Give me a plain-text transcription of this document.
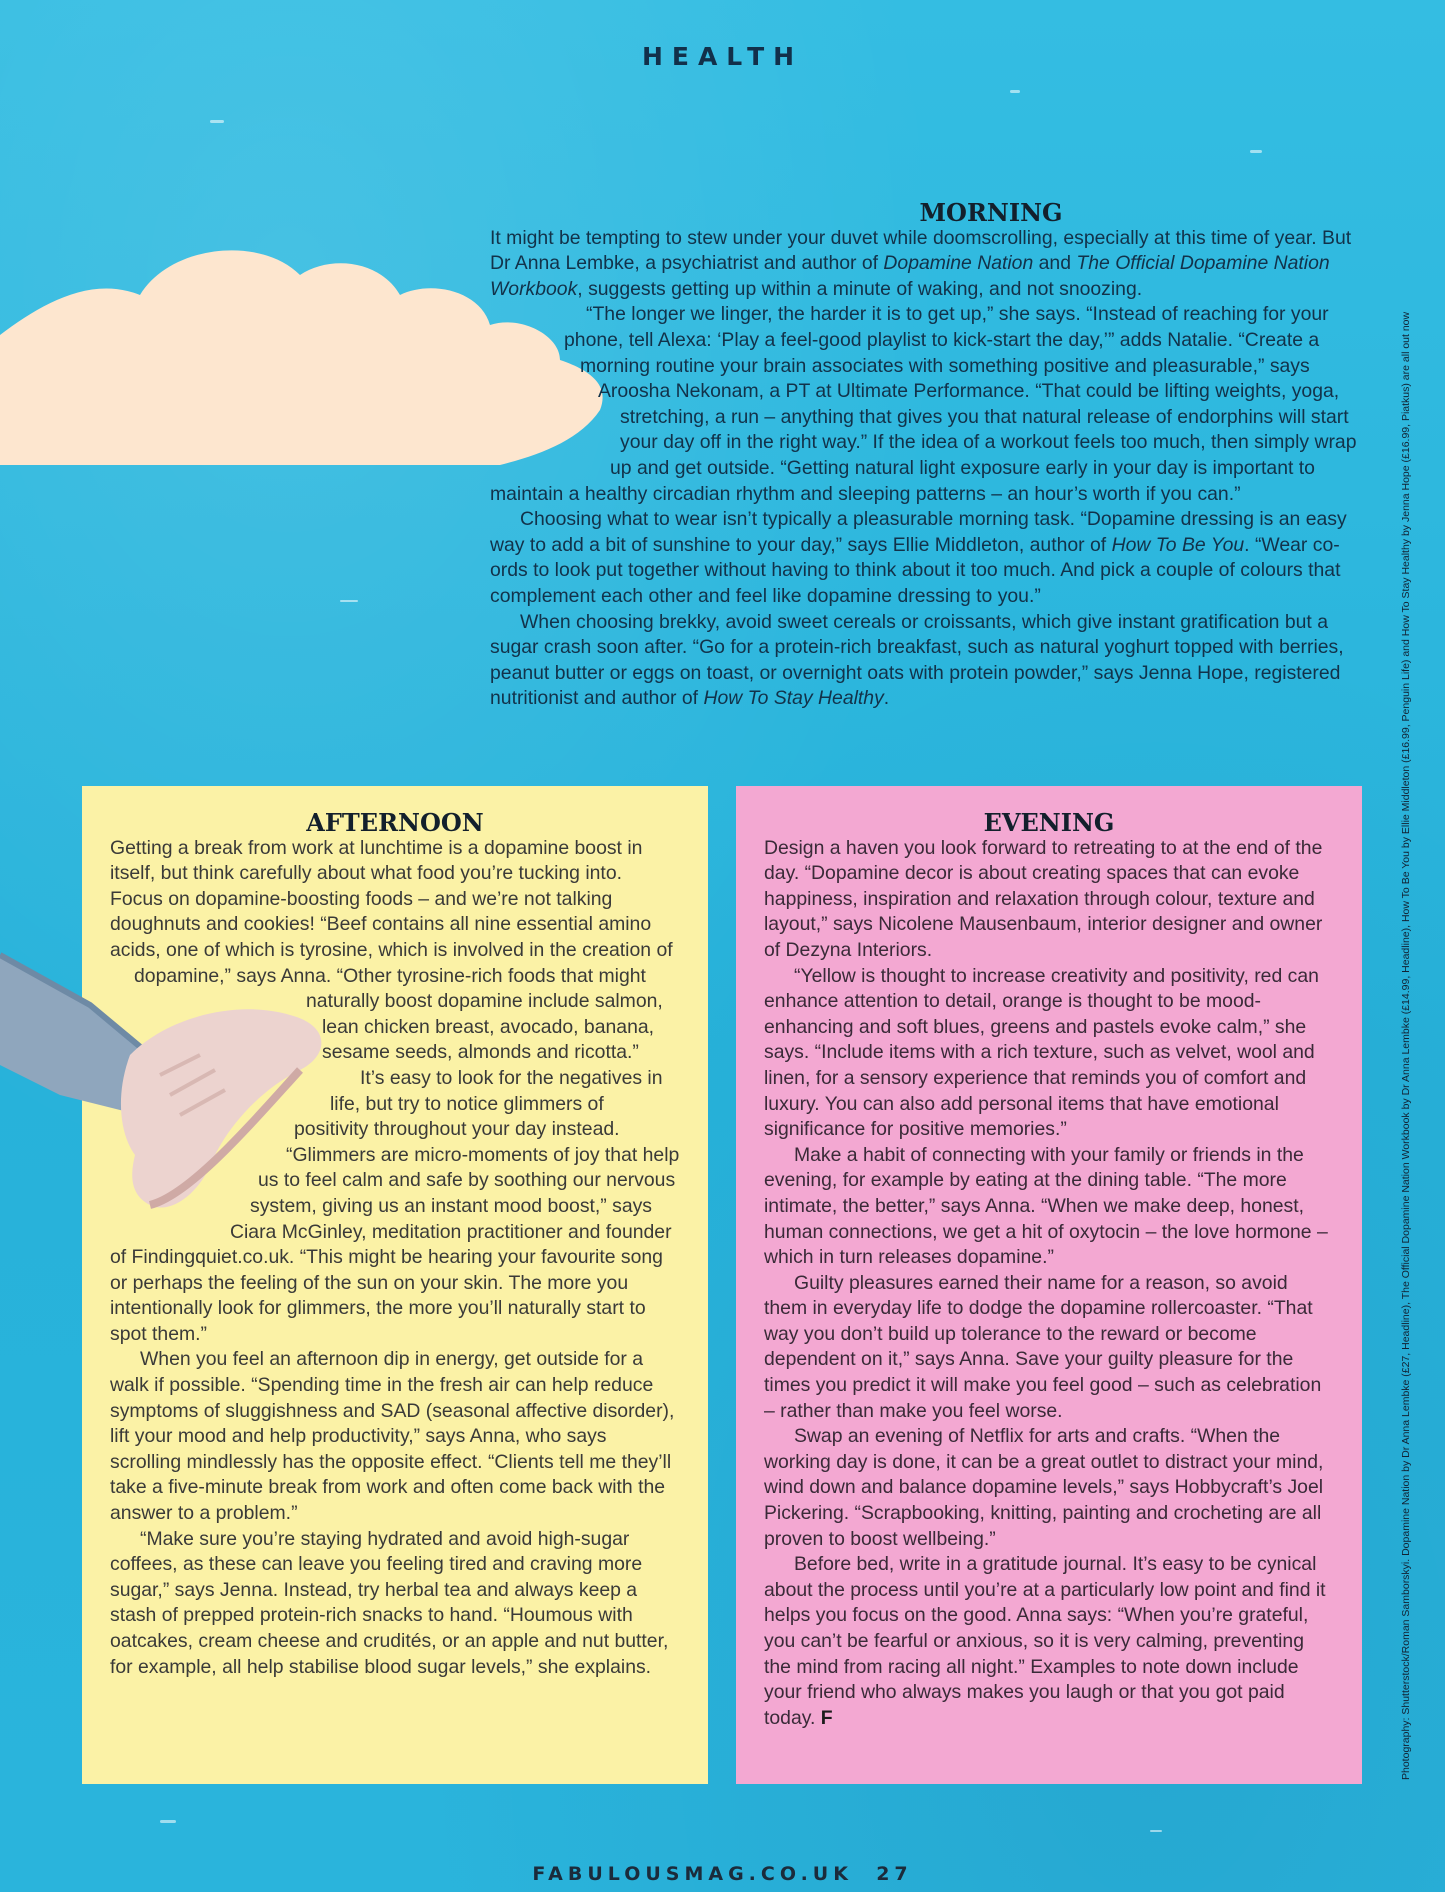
HEALTH
MORNING

It might be tempting to stew under your duvet while doomscrolling, especially at this time of year. But Dr Anna Lembke, a psychiatrist and author of Dopamine Nation and The Official Dopamine Nation Workbook, suggests getting up within a minute of waking, and not snoozing.

“The longer we linger, the harder it is to get up,” she says. “Instead of reaching for your phone, tell Alexa: ‘Play a feel-good playlist to kick-start the day,’” adds Natalie. “Create a morning routine your brain associates with something positive and pleasurable,” says Aroosha Nekonam, a PT at Ultimate Performance. “That could be lifting weights, yoga, stretching, a run – anything that gives you that natural release of endorphins will start your day off in the right way.” If the idea of a workout feels too much, then simply wrap up and get outside. “Getting natural light exposure early in your day is important to maintain a healthy circadian rhythm and sleeping patterns – an hour’s worth if you can.”

Choosing what to wear isn’t typically a pleasurable morning task. “Dopamine dressing is an easy way to add a bit of sunshine to your day,” says Ellie Middleton, author of How To Be You. “Wear co-ords to look put together without having to think about it too much. And pick a couple of colours that complement each other and feel like dopamine dressing to you.”

When choosing brekky, avoid sweet cereals or croissants, which give instant gratification but a sugar crash soon after. “Go for a protein-rich breakfast, such as natural yoghurt topped with berries, peanut butter or eggs on toast, or overnight oats with protein powder,” says Jenna Hope, registered nutritionist and author of How To Stay Healthy.

AFTERNOON

Getting a break from work at lunchtime is a dopamine boost in itself, but think carefully about what food you’re tucking into. Focus on dopamine-boosting foods – and we’re not talking doughnuts and cookies! “Beef contains all nine essential amino acids, one of which is tyrosine, which is involved in the creation of dopamine,” says Anna. “Other tyrosine-rich foods that might naturally boost dopamine include salmon, lean chicken breast, avocado, banana, sesame seeds, almonds and ricotta.”

It’s easy to look for the negatives in life, but try to notice glimmers of positivity throughout your day instead. “Glimmers are micro-moments of joy that help us to feel calm and safe by soothing our nervous system, giving us an instant mood boost,” says Ciara McGinley, meditation practitioner and founder of Findingquiet.co.uk. “This might be hearing your favourite song or perhaps the feeling of the sun on your skin. The more you intentionally look for glimmers, the more you’ll naturally start to spot them.”

When you feel an afternoon dip in energy, get outside for a walk if possible. “Spending time in the fresh air can help reduce symptoms of sluggishness and SAD (seasonal affective disorder), lift your mood and help productivity,” says Anna, who says scrolling mindlessly has the opposite effect. “Clients tell me they’ll take a five-minute break from work and often come back with the answer to a problem.”

“Make sure you’re staying hydrated and avoid high-sugar coffees, as these can leave you feeling tired and craving more sugar,” says Jenna. Instead, try herbal tea and always keep a stash of prepped protein-rich snacks to hand. “Houmous with oatcakes, cream cheese and crudités, or an apple and nut butter, for example, all help stabilise blood sugar levels,” she explains.

EVENING

Design a haven you look forward to retreating to at the end of the day. “Dopamine decor is about creating spaces that can evoke happiness, inspiration and relaxation through colour, texture and layout,” says Nicolene Mausenbaum, interior designer and owner of Dezyna Interiors.

“Yellow is thought to increase creativity and positivity, red can enhance attention to detail, orange is thought to be mood-enhancing and soft blues, greens and pastels evoke calm,” she says. “Include items with a rich texture, such as velvet, wool and linen, for a sensory experience that reminds you of comfort and luxury. You can also add personal items that have emotional significance for positive memories.”

Make a habit of connecting with your family or friends in the evening, for example by eating at the dining table. “The more intimate, the better,” says Anna. “When we make deep, honest, human connections, we get a hit of oxytocin – the love hormone – which in turn releases dopamine.”

Guilty pleasures earned their name for a reason, so avoid them in everyday life to dodge the dopamine rollercoaster. “That way you don’t build up tolerance to the reward or become dependent on it,” says Anna. Save your guilty pleasure for the times you predict it will make you feel good – such as celebration – rather than make you feel worse.

Swap an evening of Netflix for arts and crafts. “When the working day is done, it can be a great outlet to distract your mind, wind down and balance dopamine levels,” says Hobbycraft’s Joel Pickering. “Scrapbooking, knitting, painting and crocheting are all proven to boost wellbeing.”

Before bed, write in a gratitude journal. It’s easy to be cynical about the process until you’re at a particularly low point and find it helps you focus on the good. Anna says: “When you’re grateful, you can’t be fearful or anxious, so it is very calming, preventing the mind from racing all night.” Examples to note down include your friend who always makes you laugh or that you got paid today. F	Photography: Shutterstock/Roman Samborskyi. Dopamine Nation by Dr Anna Lembke (£27, Headline), The Official Dopamine Nation Workbook by Dr Anna Lembke (£14.99, Headline), How To Be You by Ellie Middleton (£16.99, Penguin Life) and How To Stay Healthy by Jenna Hope (£16.99, Piatkus) are all out now
FABULOUSMAG.CO.UK 27
